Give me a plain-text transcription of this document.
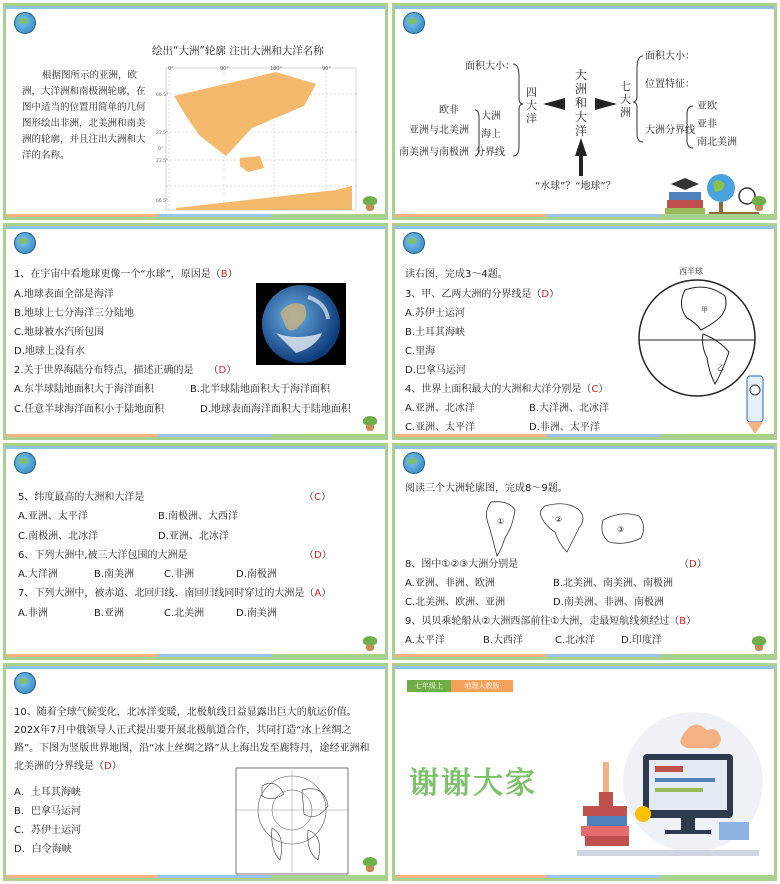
绘出“大洲”轮廓 注出大洲和大洋名称
根据图所示的亚洲，欧洲，大洋洲和南极洲轮廓，在图中适当的位置用简单的几何图形绘出非洲，北美洲和南美洲的轮廓，并且注出大洲和大洋的名称。
0°	90°	180°	90°
66.5°
23.5°
0°
23.5°
66.5°
面积大小：
欧非
亚洲与北美洲
南美洲与南极洲
大洲
海上
分界线
四大洋
大洲和大洋
七大洲
面积大小：
位置特征：
大洲分界线
亚欧
亚非
南北美洲
“水球”？“地球”？
1、在宇宙中看地球更像一个“水球”，原因是（B）
A.地球表面全部是海洋
B.地球上七分海洋三分陆地
C.地球被水汽所包围
D.地球上没有水
2.关于世界海陆分布特点，描述正确的是　　（D）
A.东半球陆地面积大于海洋面积	B.北半球陆地面积大于海洋面积
C.任意半球海洋面积小于陆地面积	D.地球表面海洋面积大于陆地面积
读右图，完成3～4题。
3、甲、乙两大洲的分界线是（D）
A.苏伊士运河
B.土耳其海峡
C.里海
D.巴拿马运河
4、世界上面积最大的大洲和大洋分别是（C）
A.亚洲、北冰洋	B.大洋洲、北冰洋
C.亚洲、太平洋	D.非洲、太平洋
西半球
甲
乙
5、纬度最高的大洲和大洋是	（C）
A.亚洲、太平洋	B.南极洲、大西洋
C.南极洲、北冰洋	D.亚洲、北冰洋
6、下列大洲中,被三大洋包围的大洲是	（D）
A.大洋洲	B.南美洲	C.非洲	D.南极洲
7、下列大洲中，被赤道、北回归线、南回归线同时穿过的大洲是（A）
A.非洲	B.亚洲	C.北美洲	D.南美洲
阅读三个大洲轮廓图，完成8～9题。
①	②
③
8、图中①②③大洲分别是	（D）
A.亚洲、非洲、欧洲	B.北美洲、南美洲、南极洲
C.北美洲、欧洲、亚洲	D.南美洲、非洲、南极洲
9、贝贝乘轮船从②大洲西部前往①大洲，走最短航线须经过（B）
A.太平洋	B.大西洋	C.北冰洋	D.印度洋
10、随着全球气候变化，北冰洋变暖，北极航线日益显露出巨大的航运价值。202X年7月中俄领导人正式提出要开展北极航道合作，共同打造“冰上丝绸之路”。下图为竖版世界地图，沿“冰上丝绸之路”从上海出发至鹿特丹，途经亚洲和北美洲的分界线是（D）
A．土耳其海峡
B．巴拿马运河
C．苏伊士运河
D．白令海峡
七年级上	地理人教版
谢谢大家
